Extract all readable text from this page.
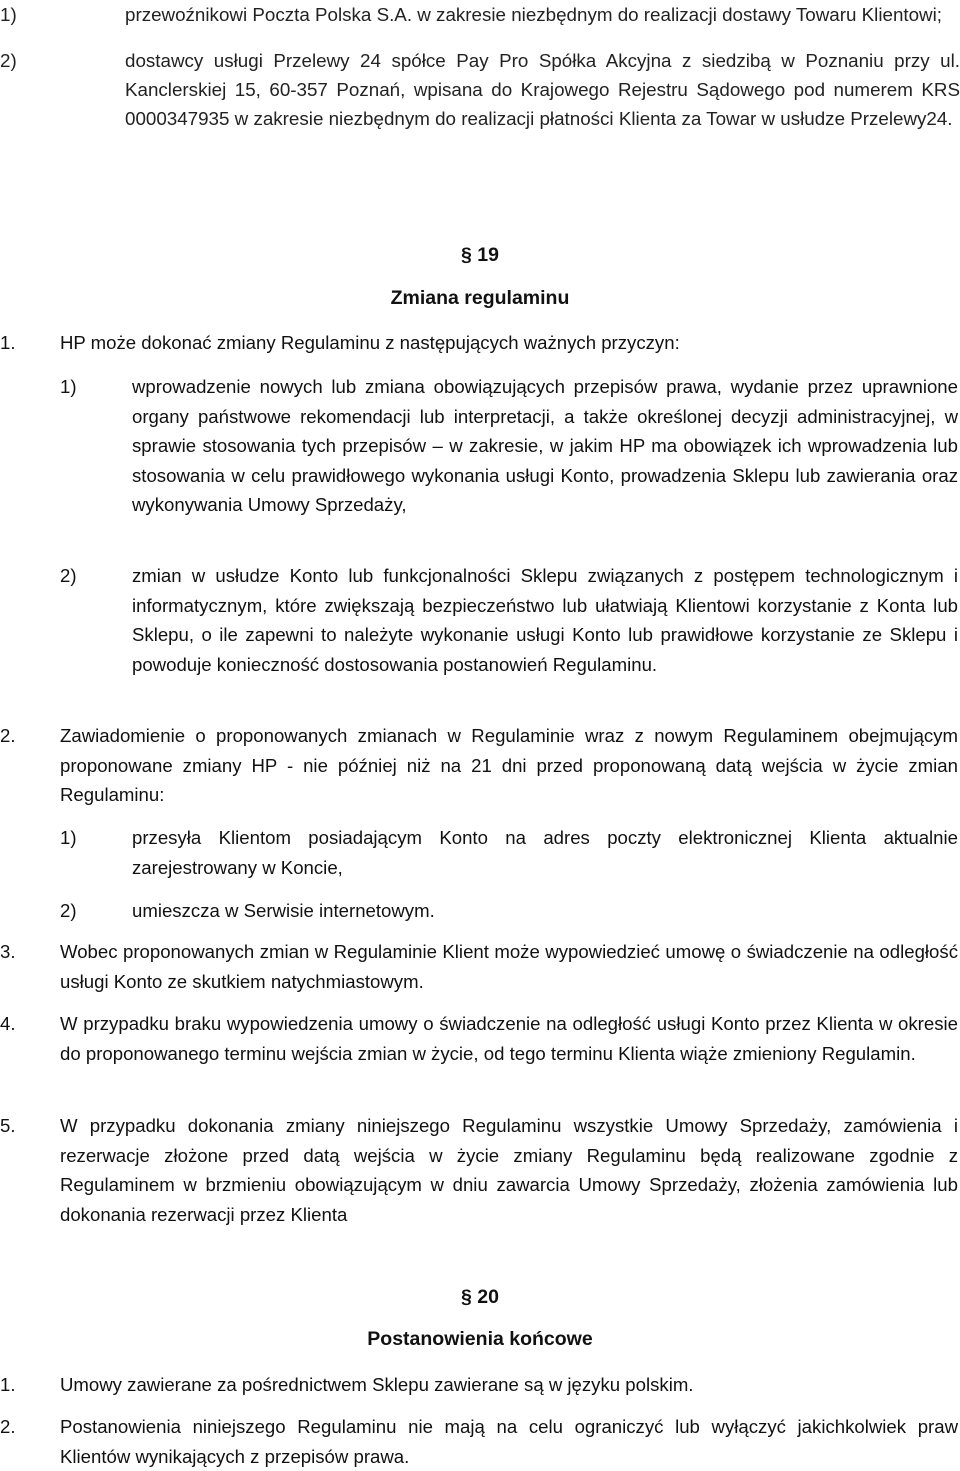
1)	przewoźnikowi Poczta Polska S.A. w zakresie niezbędnym do realizacji dostawy Towaru Klientowi;
2)	dostawcy usługi Przelewy 24 spółce Pay Pro Spółka Akcyjna z siedzibą w Poznaniu przy ul. Kanclerskiej 15, 60-357 Poznań, wpisana do Krajowego Rejestru Sądowego pod numerem KRS 0000347935 w zakresie niezbędnym do realizacji płatności Klienta za Towar w usłudze Przelewy24.
§ 19
Zmiana regulaminu
1.	HP może dokonać zmiany Regulaminu z następujących ważnych przyczyn:
1)	wprowadzenie nowych lub zmiana obowiązujących przepisów prawa, wydanie przez uprawnione organy państwowe rekomendacji lub interpretacji, a także określonej decyzji administracyjnej, w sprawie stosowania tych przepisów – w zakresie, w jakim HP ma obowiązek ich wprowadzenia lub stosowania w celu prawidłowego wykonania usługi Konto, prowadzenia Sklepu lub zawierania oraz wykonywania Umowy Sprzedaży,
2)	zmian w usłudze Konto lub funkcjonalności Sklepu związanych z postępem technologicznym i informatycznym, które zwiększają bezpieczeństwo lub ułatwiają Klientowi korzystanie z Konta lub Sklepu, o ile zapewni to należyte wykonanie usługi Konto lub prawidłowe korzystanie ze Sklepu i powoduje konieczność dostosowania postanowień Regulaminu.
2.	Zawiadomienie o proponowanych zmianach w Regulaminie wraz z nowym Regulaminem obejmującym proponowane zmiany HP - nie później niż na 21 dni przed proponowaną datą wejścia w życie zmian Regulaminu:
1)	przesyła Klientom posiadającym Konto na adres poczty elektronicznej Klienta aktualnie zarejestrowany w Koncie,
2)	umieszcza w Serwisie internetowym.
3.	Wobec proponowanych zmian w Regulaminie Klient może wypowiedzieć umowę o świadczenie na odległość usługi Konto ze skutkiem natychmiastowym.
4.	W przypadku braku wypowiedzenia umowy o świadczenie na odległość usługi Konto przez Klienta w okresie do proponowanego terminu wejścia zmian w życie, od tego terminu Klienta wiąże zmieniony Regulamin.
5.	W przypadku dokonania zmiany niniejszego Regulaminu wszystkie Umowy Sprzedaży, zamówienia i rezerwacje złożone przed datą wejścia w życie zmiany Regulaminu będą realizowane zgodnie z Regulaminem w brzmieniu obowiązującym w dniu zawarcia Umowy Sprzedaży, złożenia zamówienia lub dokonania rezerwacji przez Klienta
§ 20
Postanowienia końcowe
1.	Umowy zawierane za pośrednictwem Sklepu zawierane są w języku polskim.
2.	Postanowienia niniejszego Regulaminu nie mają na celu ograniczyć lub wyłączyć jakichkolwiek praw Klientów wynikających z przepisów prawa.
